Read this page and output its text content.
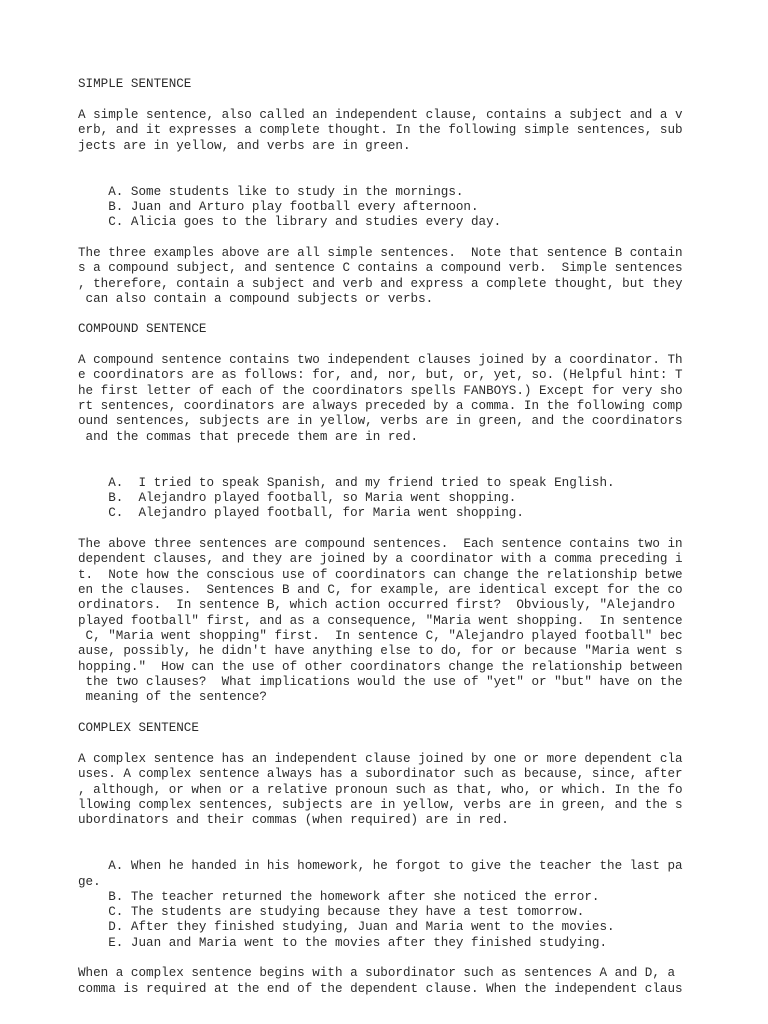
SIMPLE SENTENCE

A simple sentence, also called an independent clause, contains a subject and a v

erb, and it expresses a complete thought. In the following simple sentences, sub

jects are in yellow, and verbs are in green.

A. Some students like to study in the mornings.

B. Juan and Arturo play football every afternoon.

C. Alicia goes to the library and studies every day.

The three examples above are all simple sentences.  Note that sentence B contain

s a compound subject, and sentence C contains a compound verb.  Simple sentences

, therefore, contain a subject and verb and express a complete thought, but they

can also contain a compound subjects or verbs.

COMPOUND SENTENCE

A compound sentence contains two independent clauses joined by a coordinator. Th

e coordinators are as follows: for, and, nor, but, or, yet, so. (Helpful hint: T

he first letter of each of the coordinators spells FANBOYS.) Except for very sho

rt sentences, coordinators are always preceded by a comma. In the following comp

ound sentences, subjects are in yellow, verbs are in green, and the coordinators

and the commas that precede them are in red.

A.  I tried to speak Spanish, and my friend tried to speak English.

B.  Alejandro played football, so Maria went shopping.

C.  Alejandro played football, for Maria went shopping.

The above three sentences are compound sentences.  Each sentence contains two in

dependent clauses, and they are joined by a coordinator with a comma preceding i

t.  Note how the conscious use of coordinators can change the relationship betwe

en the clauses.  Sentences B and C, for example, are identical except for the co

ordinators.  In sentence B, which action occurred first?  Obviously, "Alejandro

played football" first, and as a consequence, "Maria went shopping.  In sentence

C, "Maria went shopping" first.  In sentence C, "Alejandro played football" bec

ause, possibly, he didn't have anything else to do, for or because "Maria went s

hopping."  How can the use of other coordinators change the relationship between

the two clauses?  What implications would the use of "yet" or "but" have on the

meaning of the sentence?

COMPLEX SENTENCE

A complex sentence has an independent clause joined by one or more dependent cla

uses. A complex sentence always has a subordinator such as because, since, after

, although, or when or a relative pronoun such as that, who, or which. In the fo

llowing complex sentences, subjects are in yellow, verbs are in green, and the s

ubordinators and their commas (when required) are in red.

A. When he handed in his homework, he forgot to give the teacher the last pa

ge.

B. The teacher returned the homework after she noticed the error.

C. The students are studying because they have a test tomorrow.

D. After they finished studying, Juan and Maria went to the movies.

E. Juan and Maria went to the movies after they finished studying.

When a complex sentence begins with a subordinator such as sentences A and D, a

comma is required at the end of the dependent clause. When the independent claus
